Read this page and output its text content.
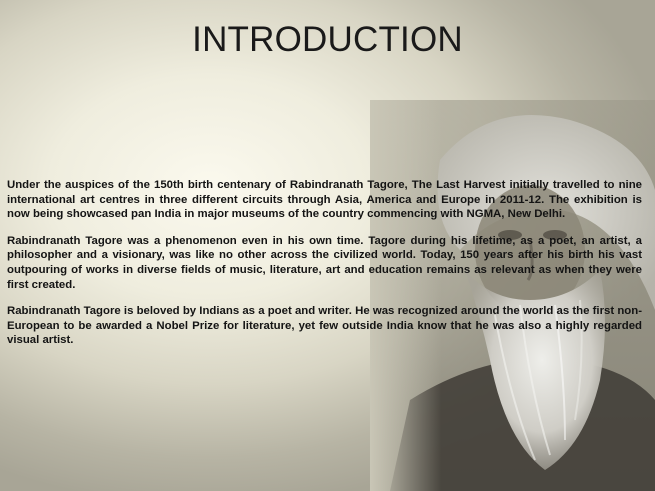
INTRODUCTION

Under the auspices of the 150th birth centenary of Rabindranath Tagore, The Last Harvest initially travelled to nine international art centres in three different circuits through Asia, America and Europe in 2011-12. The exhibition is now being showcased pan India in major museums of the country commencing with NGMA, New Delhi.

Rabindranath Tagore was a phenomenon even in his own time. Tagore during his lifetime, as a poet, an artist, a philosopher and a visionary, was like no other across the civilized world. Today, 150 years after his birth his vast outpouring of works in diverse fields of music, literature, art and education remains as relevant as when they were first created.

Rabindranath Tagore is beloved by Indians as a poet and writer. He was recognized around the world as the first non-European to be awarded a Nobel Prize for literature, yet few outside India know that he was also a highly regarded visual artist.
